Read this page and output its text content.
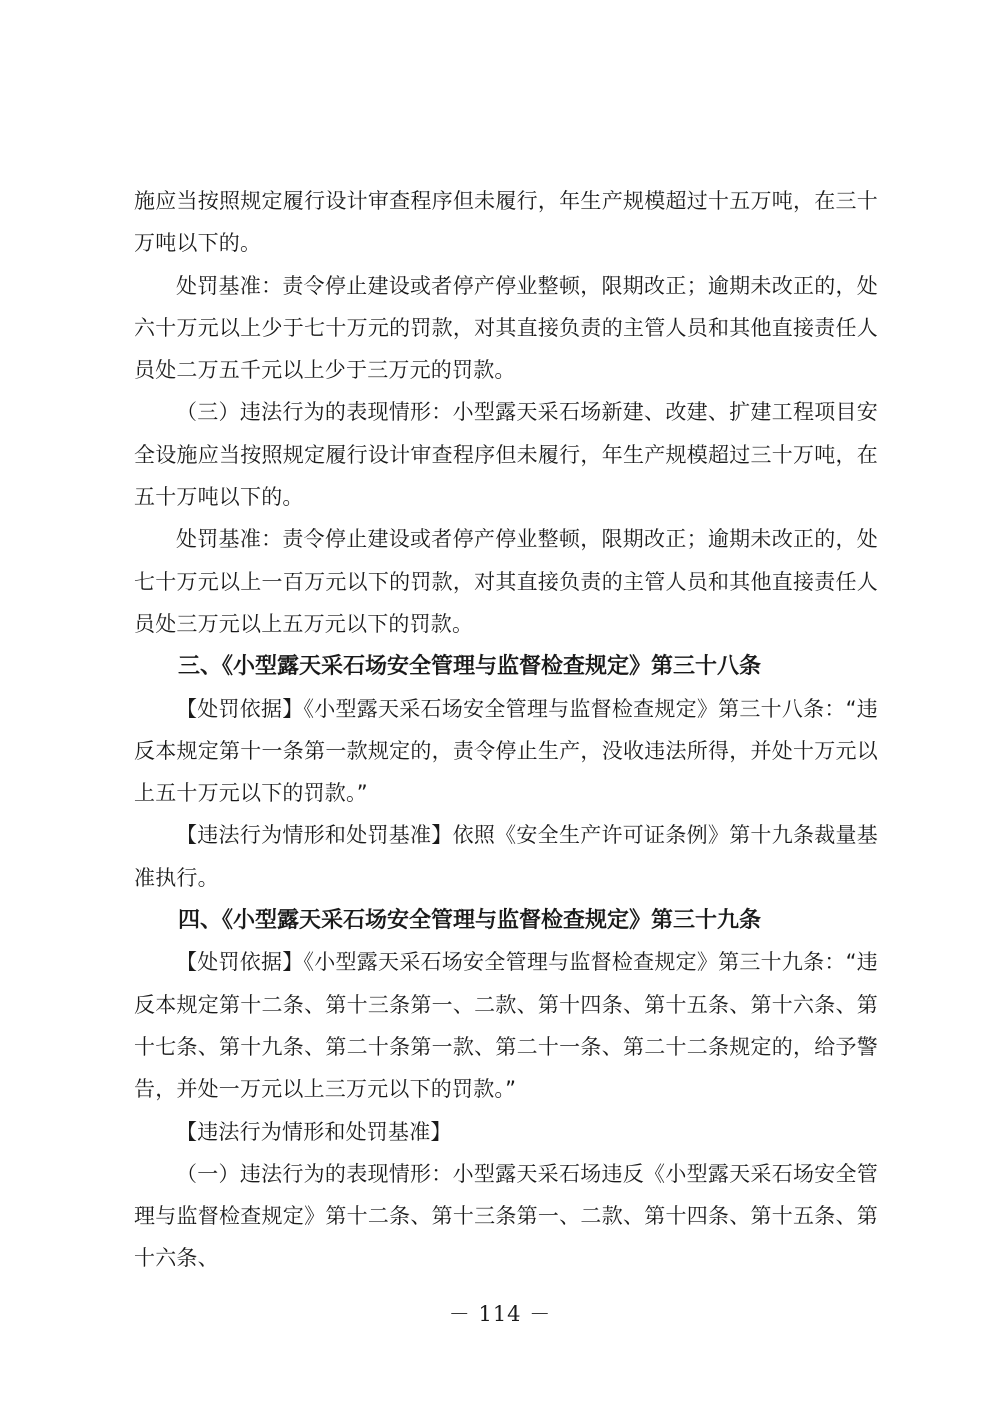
施应当按照规定履行设计审查程序但未履行，年生产规模超过十五万吨，在三十万吨以下的。

处罚基准：责令停止建设或者停产停业整顿，限期改正；逾期未改正的，处六十万元以上少于七十万元的罚款，对其直接负责的主管人员和其他直接责任人员处二万五千元以上少于三万元的罚款。

（三）违法行为的表现情形：小型露天采石场新建、改建、扩建工程项目安全设施应当按照规定履行设计审查程序但未履行，年生产规模超过三十万吨，在五十万吨以下的。

处罚基准：责令停止建设或者停产停业整顿，限期改正；逾期未改正的，处七十万元以上一百万元以下的罚款，对其直接负责的主管人员和其他直接责任人员处三万元以上五万元以下的罚款。

三、《小型露天采石场安全管理与监督检查规定》第三十八条

【处罚依据】《小型露天采石场安全管理与监督检查规定》第三十八条：“违反本规定第十一条第一款规定的，责令停止生产，没收违法所得，并处十万元以上五十万元以下的罚款。”

【违法行为情形和处罚基准】依照《安全生产许可证条例》第十九条裁量基准执行。

四、《小型露天采石场安全管理与监督检查规定》第三十九条

【处罚依据】《小型露天采石场安全管理与监督检查规定》第三十九条：“违反本规定第十二条、第十三条第一、二款、第十四条、第十五条、第十六条、第十七条、第十九条、第二十条第一款、第二十一条、第二十二条规定的，给予警告，并处一万元以上三万元以下的罚款。”

【违法行为情形和处罚基准】

（一）违法行为的表现情形：小型露天采石场违反《小型露天采石场安全管理与监督检查规定》第十二条、第十三条第一、二款、第十四条、第十五条、第十六条、

－ 114 －
